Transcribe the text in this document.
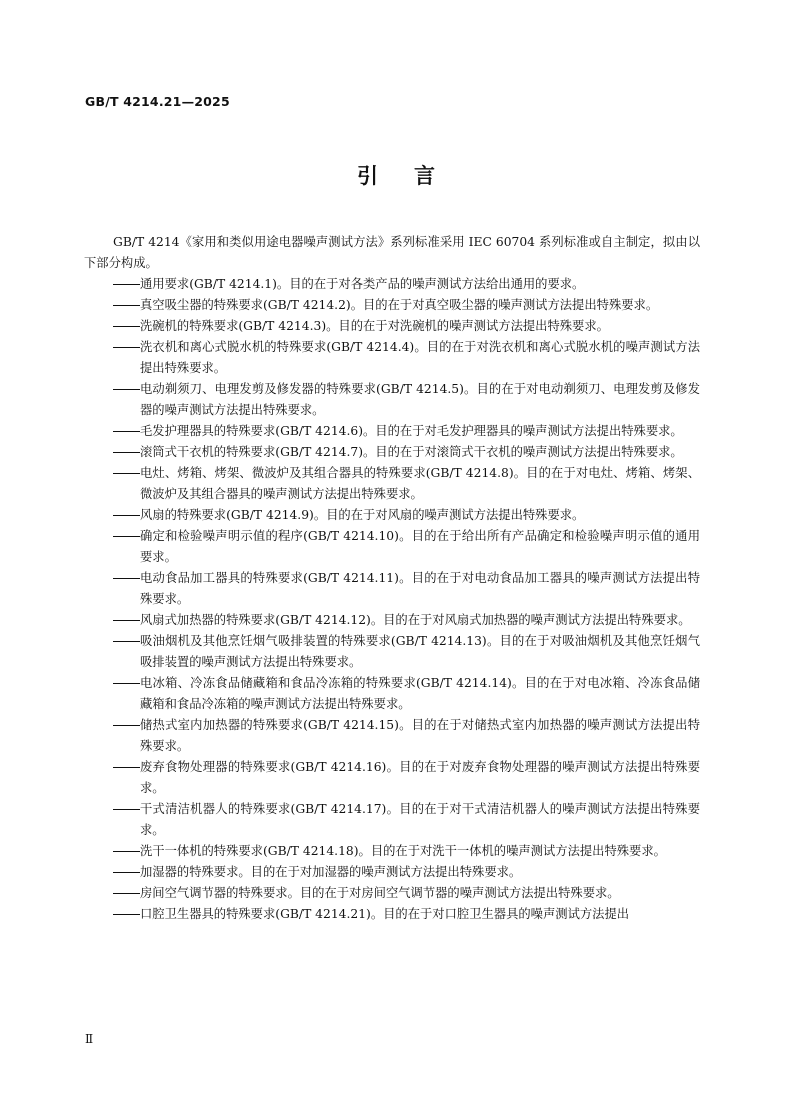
GB/T 4214.21—2025
引言

GB/T 4214《家用和类似用途电器噪声测试方法》系列标准采用 IEC 60704 系列标准或自主制定，拟由以下部分构成。

通用要求(GB/T 4214.1)。目的在于对各类产品的噪声测试方法给出通用的要求。
真空吸尘器的特殊要求(GB/T 4214.2)。目的在于对真空吸尘器的噪声测试方法提出特殊要求。
洗碗机的特殊要求(GB/T 4214.3)。目的在于对洗碗机的噪声测试方法提出特殊要求。
洗衣机和离心式脱水机的特殊要求(GB/T 4214.4)。目的在于对洗衣机和离心式脱水机的噪声测试方法提出特殊要求。
电动剃须刀、电理发剪及修发器的特殊要求(GB/T 4214.5)。目的在于对电动剃须刀、电理发剪及修发器的噪声测试方法提出特殊要求。
毛发护理器具的特殊要求(GB/T 4214.6)。目的在于对毛发护理器具的噪声测试方法提出特殊要求。
滚筒式干衣机的特殊要求(GB/T 4214.7)。目的在于对滚筒式干衣机的噪声测试方法提出特殊要求。
电灶、烤箱、烤架、微波炉及其组合器具的特殊要求(GB/T 4214.8)。目的在于对电灶、烤箱、烤架、微波炉及其组合器具的噪声测试方法提出特殊要求。
风扇的特殊要求(GB/T 4214.9)。目的在于对风扇的噪声测试方法提出特殊要求。
确定和检验噪声明示值的程序(GB/T 4214.10)。目的在于给出所有产品确定和检验噪声明示值的通用要求。
电动食品加工器具的特殊要求(GB/T 4214.11)。目的在于对电动食品加工器具的噪声测试方法提出特殊要求。
风扇式加热器的特殊要求(GB/T 4214.12)。目的在于对风扇式加热器的噪声测试方法提出特殊要求。
吸油烟机及其他烹饪烟气吸排装置的特殊要求(GB/T 4214.13)。目的在于对吸油烟机及其他烹饪烟气吸排装置的噪声测试方法提出特殊要求。
电冰箱、冷冻食品储藏箱和食品冷冻箱的特殊要求(GB/T 4214.14)。目的在于对电冰箱、冷冻食品储藏箱和食品冷冻箱的噪声测试方法提出特殊要求。
储热式室内加热器的特殊要求(GB/T 4214.15)。目的在于对储热式室内加热器的噪声测试方法提出特殊要求。
废弃食物处理器的特殊要求(GB/T 4214.16)。目的在于对废弃食物处理器的噪声测试方法提出特殊要求。
干式清洁机器人的特殊要求(GB/T 4214.17)。目的在于对干式清洁机器人的噪声测试方法提出特殊要求。
洗干一体机的特殊要求(GB/T 4214.18)。目的在于对洗干一体机的噪声测试方法提出特殊要求。
加湿器的特殊要求。目的在于对加湿器的噪声测试方法提出特殊要求。
房间空气调节器的特殊要求。目的在于对房间空气调节器的噪声测试方法提出特殊要求。
口腔卫生器具的特殊要求(GB/T 4214.21)。目的在于对口腔卫生器具的噪声测试方法提出
Ⅱ
